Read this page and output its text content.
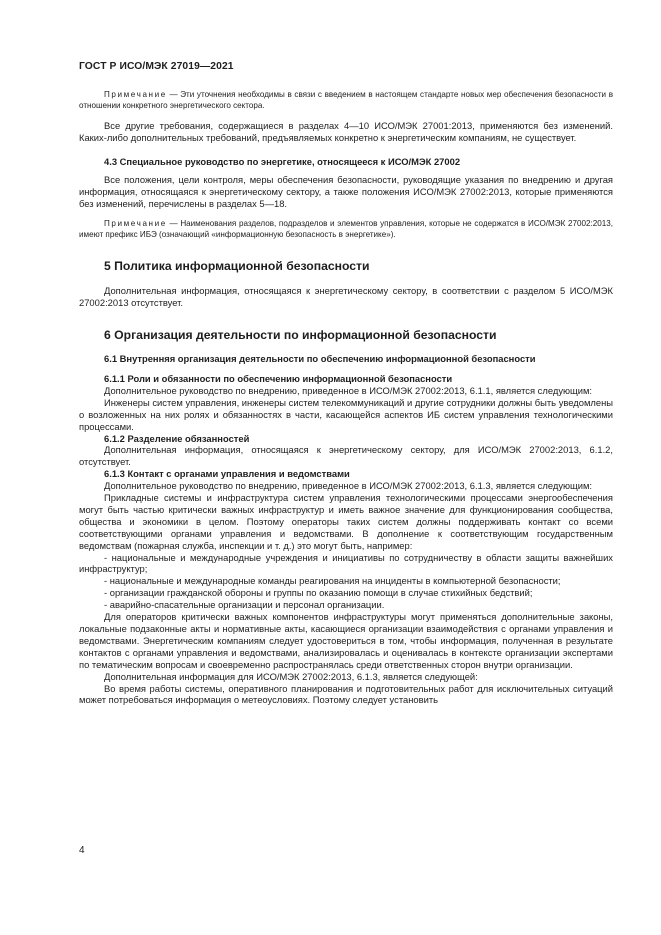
ГОСТ Р ИСО/МЭК 27019—2021

Примечание — Эти уточнения необходимы в связи с введением в настоящем стандарте новых мер обеспечения безопасности в отношении конкретного энергетического сектора.

Все другие требования, содержащиеся в разделах 4—10 ИСО/МЭК 27001:2013, применяются без изменений. Каких-либо дополнительных требований, предъявляемых конкретно к энергетическим компаниям, не существует.

4.3 Специальное руководство по энергетике, относящееся к ИСО/МЭК 27002

Все положения, цели контроля, меры обеспечения безопасности, руководящие указания по внедрению и другая информация, относящаяся к энергетическому сектору, а также положения ИСО/МЭК 27002:2013, которые применяются без изменений, перечислены в разделах 5—18.

Примечание — Наименования разделов, подразделов и элементов управления, которые не содержатся в ИСО/МЭК 27002:2013, имеют префикс ИБЭ (означающий «информационную безопасность в энергетике»).

5 Политика информационной безопасности

Дополнительная информация, относящаяся к энергетическому сектору, в соответствии с разделом 5 ИСО/МЭК 27002:2013 отсутствует.

6 Организация деятельности по информационной безопасности

6.1 Внутренняя организация деятельности по обеспечению информационной безопасности

6.1.1 Роли и обязанности по обеспечению информационной безопасности

Дополнительное руководство по внедрению, приведенное в ИСО/МЭК 27002:2013, 6.1.1, является следующим:

Инженеры систем управления, инженеры систем телекоммуникаций и другие сотрудники должны быть уведомлены о возложенных на них ролях и обязанностях в части, касающейся аспектов ИБ систем управления технологическими процессами.

6.1.2 Разделение обязанностей

Дополнительная информация, относящаяся к энергетическому сектору, для ИСО/МЭК 27002:2013, 6.1.2, отсутствует.

6.1.3 Контакт с органами управления и ведомствами

Дополнительное руководство по внедрению, приведенное в ИСО/МЭК 27002:2013, 6.1.3, является следующим:

Прикладные системы и инфраструктура систем управления технологическими процессами энергообеспечения могут быть частью критически важных инфраструктур и иметь важное значение для функционирования сообщества, общества и экономики в целом. Поэтому операторы таких систем должны поддерживать контакт со всеми соответствующими органами управления и ведомствами. В дополнение к соответствующим государственным ведомствам (пожарная служба, инспекции и т. д.) это могут быть, например:

- национальные и международные учреждения и инициативы по сотрудничеству в области защиты важнейших инфраструктур;

- национальные и международные команды реагирования на инциденты в компьютерной безопасности;

- организации гражданской обороны и группы по оказанию помощи в случае стихийных бедствий;

- аварийно-спасательные организации и персонал организации.

Для операторов критически важных компонентов инфраструктуры могут применяться дополнительные законы, локальные подзаконные акты и нормативные акты, касающиеся организации взаимодействия с органами управления и ведомствами. Энергетическим компаниям следует удостовериться в том, чтобы информация, полученная в результате контактов с органами управления и ведомствами, анализировалась и оценивалась в контексте организации экспертами по тематическим вопросам и своевременно распространялась среди ответственных сторон внутри организации.

Дополнительная информация для ИСО/МЭК 27002:2013, 6.1.3, является следующей:

Во время работы системы, оперативного планирования и подготовительных работ для исключительных ситуаций может потребоваться информация о метеоусловиях. Поэтому следует установить

4
